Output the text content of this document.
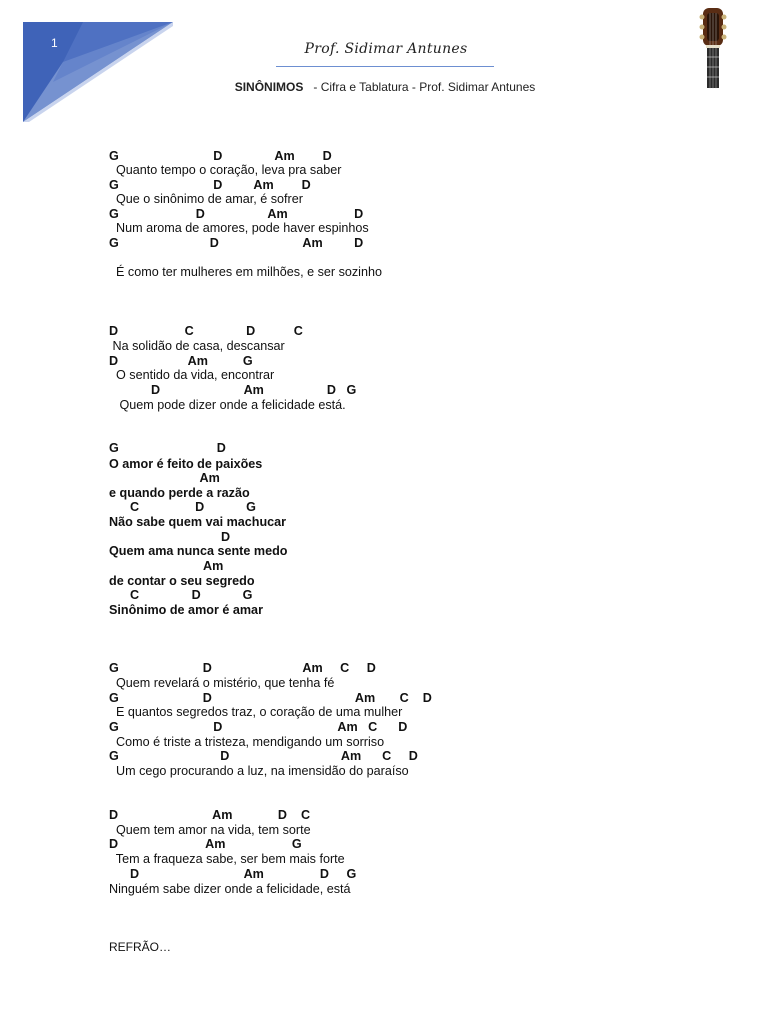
1	Prof. Sidimar Antunes
SINÔNIMOS   - Cifra e Tablatura - Prof. Sidimar Antunes
G                           D               Am        D
Quanto tempo o coração, leva pra saber
G                           D         Am        D
Que o sinônimo de amar, é sofrer
G                      D                  Am                   D
Num aroma de amores, pode haver espinhos
G                          D                        Am         D
É como ter mulheres em milhões, e ser sozinho
D                   C               D           C
Na solidão de casa, descansar
D                    Am          G
O sentido da vida, encontrar
D                        Am                  D   G
Quem pode dizer onde a felicidade está.
G                            D
O amor é feito de paixões
Am
e quando perde a razão
C                D            G
Não sabe quem vai machucar
D
Quem ama nunca sente medo
Am
de contar o seu segredo
C               D            G
Sinônimo de amor é amar
G                        D                          Am     C     D
Quem revelará o mistério, que tenha fé
G                        D                                         Am       C    D
E quantos segredos traz, o coração de uma mulher
G                           D                                 Am   C      D
Como é triste a tristeza, mendigando um sorriso
G                             D                                Am      C     D
Um cego procurando a luz, na imensidão do paraíso
D                           Am             D    C
Quem tem amor na vida, tem sorte
D                         Am                   G
Tem a fraqueza sabe, ser bem mais forte
D                              Am                D     G
Ninguém sabe dizer onde a felicidade, está
REFRÃO…
